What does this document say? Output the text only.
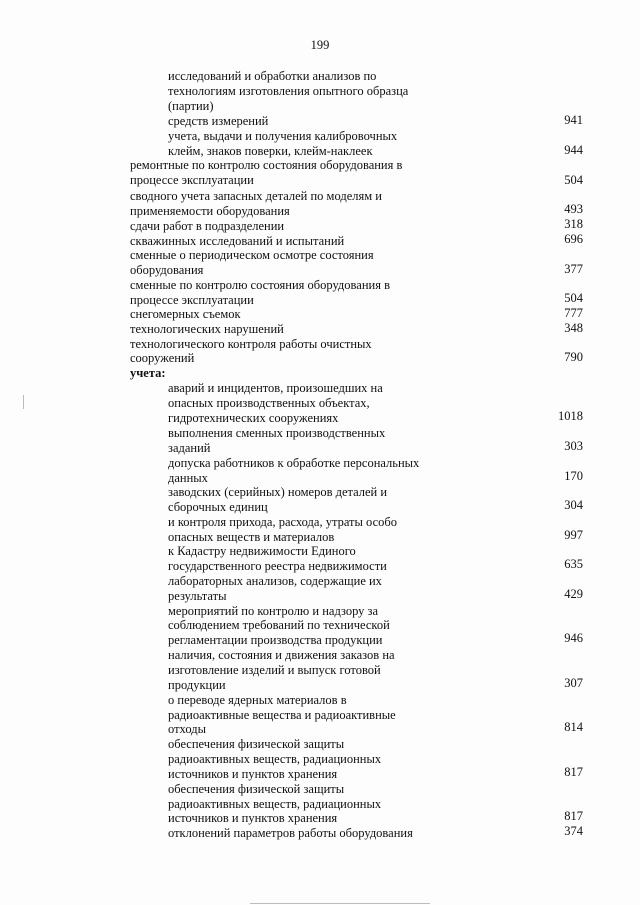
199
исследований и обработки анализов по
технологиям изготовления опытного образца
(партии)
средств измерений
учета, выдачи и получения калибровочных
клейм, знаков поверки, клейм-наклеек
ремонтные по контролю состояния оборудования в
процессе эксплуатации
сводного учета запасных деталей по моделям и
применяемости оборудования
сдачи работ в подразделении
скважинных исследований и испытаний
сменные о периодическом осмотре состояния
оборудования
сменные по контролю состояния оборудования в
процессе эксплуатации
снегомерных съемок
технологических нарушений
технологического контроля работы очистных
сооружений
учета:
аварий и инцидентов, произошедших на
опасных производственных объектах,
гидротехнических сооружениях
выполнения сменных производственных
заданий
допуска работников к обработке персональных
данных
заводских (серийных) номеров деталей и
сборочных единиц
и контроля прихода, расхода, утраты особо
опасных веществ и материалов
к Кадастру недвижимости Единого
государственного реестра недвижимости
лабораторных анализов, содержащие их
результаты
мероприятий по контролю и надзору за
соблюдением требований по технической
регламентации производства продукции
наличия, состояния и движения заказов на
изготовление изделий и выпуск готовой
продукции
о переводе ядерных материалов в
радиоактивные вещества и радиоактивные
отходы
обеспечения физической защиты
радиоактивных веществ, радиационных
источников и пунктов хранения
обеспечения физической защиты
радиоактивных веществ, радиационных
источников и пунктов хранения
отклонений параметров работы оборудования
941
944
504
493
318
696
377
504
777
348
790
1018
303
170
304
997
635
429
946
307
814
817
817
374
